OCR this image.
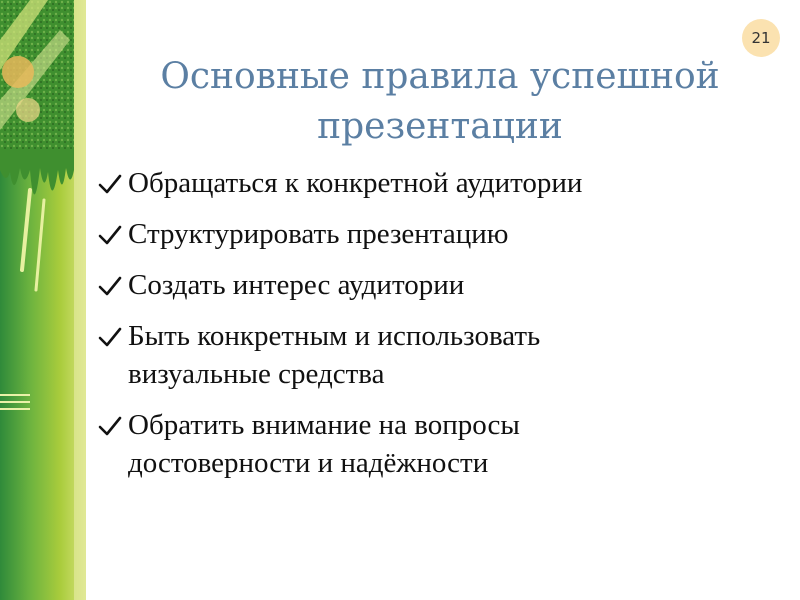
21
Основные правила успешной
презентации
Обращаться к конкретной аудитории
Структурировать презентацию
Создать интерес аудитории
Быть конкретным и использовать
визуальные средства
Обратить внимание на вопросы
достоверности и надёжности
